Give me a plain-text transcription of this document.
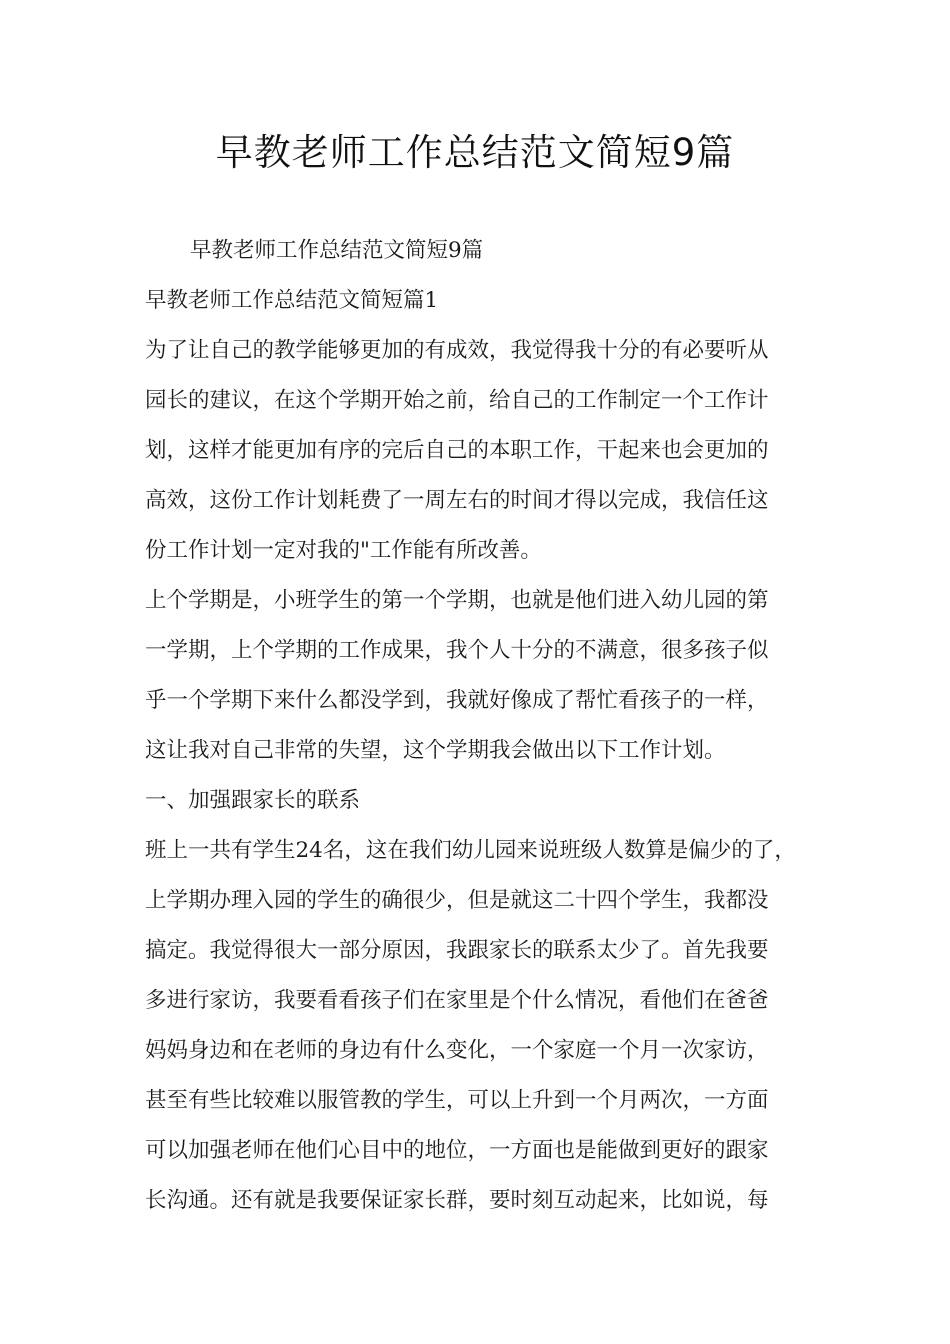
早教老师工作总结范文简短9篇
早教老师工作总结范文简短9篇
早教老师工作总结范文简短篇1
为了让自己的教学能够更加的有成效，我觉得我十分的有必要听从
园长的建议，在这个学期开始之前，给自己的工作制定一个工作计
划，这样才能更加有序的完后自己的本职工作，干起来也会更加的
高效，这份工作计划耗费了一周左右的时间才得以完成，我信任这
份工作计划一定对我的"工作能有所改善。
上个学期是，小班学生的第一个学期，也就是他们进入幼儿园的第
一学期，上个学期的工作成果，我个人十分的不满意，很多孩子似
乎一个学期下来什么都没学到，我就好像成了帮忙看孩子的一样，
这让我对自己非常的失望，这个学期我会做出以下工作计划。
一、加强跟家长的联系
班上一共有学生24名，这在我们幼儿园来说班级人数算是偏少的了，
上学期办理入园的学生的确很少，但是就这二十四个学生，我都没
搞定。我觉得很大一部分原因，我跟家长的联系太少了。首先我要
多进行家访，我要看看孩子们在家里是个什么情况，看他们在爸爸
妈妈身边和在老师的身边有什么变化，一个家庭一个月一次家访，
甚至有些比较难以服管教的学生，可以上升到一个月两次，一方面
可以加强老师在他们心目中的地位，一方面也是能做到更好的跟家
长沟通。还有就是我要保证家长群，要时刻互动起来，比如说，每
